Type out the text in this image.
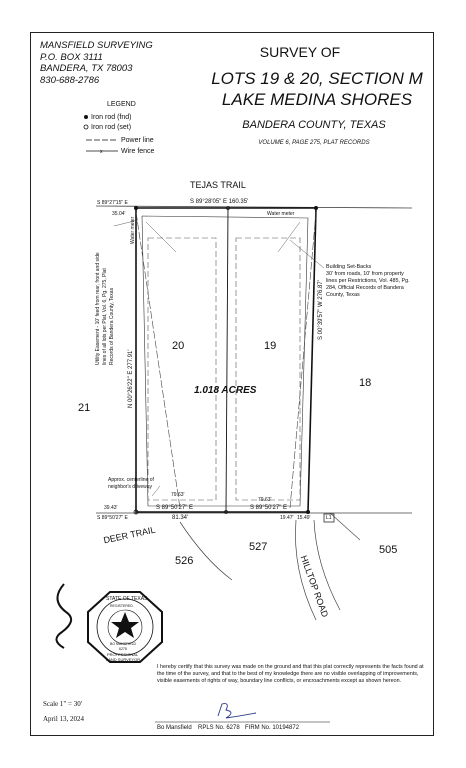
MANSFIELD SURVEYING
P.O. BOX 3111
BANDERA, TX 78003
830-688-2786
SURVEY OF
LOTS 19 & 20, SECTION M
LAKE MEDINA SHORES
BANDERA COUNTY, TEXAS
VOLUME 6, PAGE 275, PLAT RECORDS
LEGEND
Iron rod (fnd)
Iron rod (set)
Power line
Wire fence
x
TEJAS TRAIL
DEER TRAIL
HILLTOP ROAD
S 89°28'05" E 160.35'
S 89°27'15" E
35.04'
N 00°26'22" E 277.91'
S 00°39'57" W 276.87'
S 89°50'27" E
81.34'
S 89°50'27" E
S 89°50'27" E
39.43'
79.63'
79.63'
19.47' 15.49'
20	19
18
21
526
527	505
1.018 ACRES
L1
Water meter
Water meter
Utility Easement - 10' feed from rear, front and side lines of all lots per Plat, Vol. 6, Pg. 275, Plat Records of Bandera County, Texas
Building Set-Backs
30' from roads, 10' from property
lines per Restrictions, Vol. 485, Pg.
284, Official Records of Bandera
County, Texas
Approx. centerline of
neighbor's driveway
STATE OF TEXAS
REGISTERED
BO MANSFIELD
6278
PROFESSIONAL
LAND SURVEYOR
I hereby certify that this survey was made on the ground and that this plat correctly represents the facts found at the time of the survey, and that to the best of my knowledge there are no visible overlapping of improvements, visible easements of rights of way, boundary line conflicts, or encroachments except as shown hereon.
Bo Mansfield RPLS No. 6278 FIRM No. 10194872
Scale 1" = 30'
April 13, 2024
